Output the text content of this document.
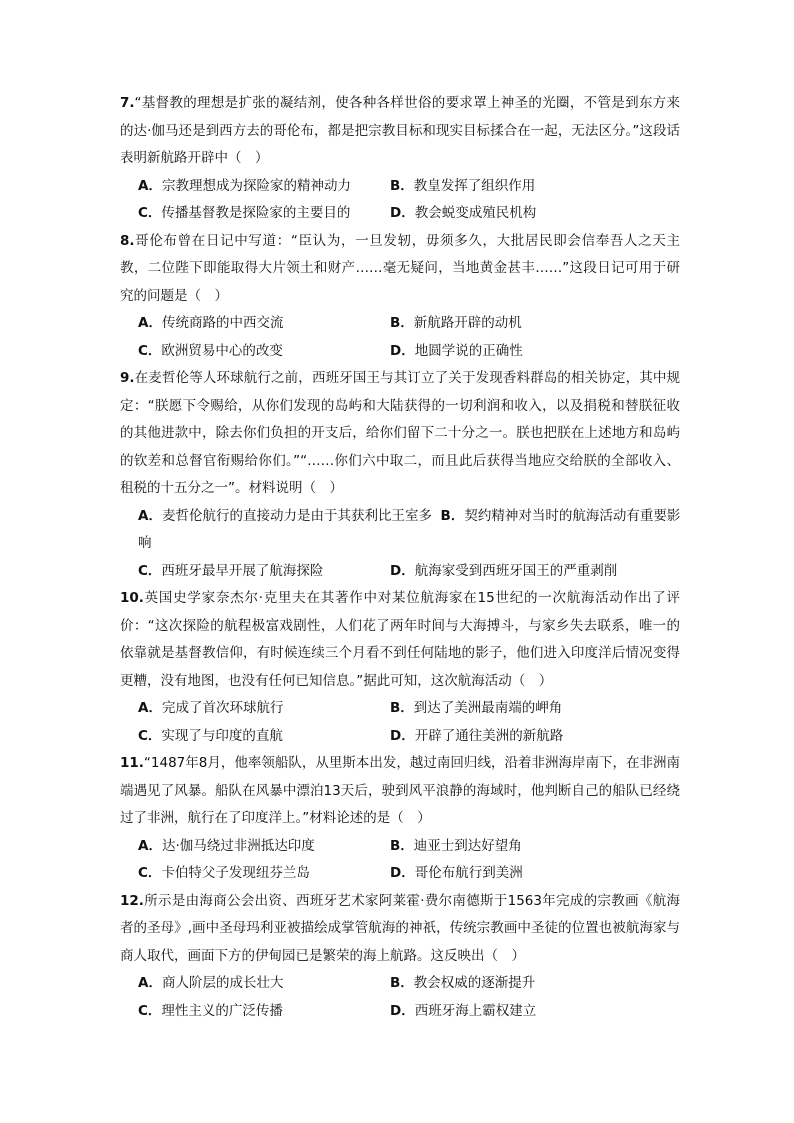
7.“基督教的理想是扩张的凝结剂，使各种各样世俗的要求罩上神圣的光圈，不管是到东方来的达·伽马还是到西方去的哥伦布，都是把宗教目标和现实目标揉合在一起，无法区分。”这段话表明新航路开辟中（　）

A．宗教理想成为探险家的精神动力	B．教皇发挥了组织作用
C．传播基督教是探险家的主要目的	D．教会蜕变成殖民机构

8.哥伦布曾在日记中写道：“臣认为，一旦发轫，毋须多久，大批居民即会信奉吾人之天主教，二位陛下即能取得大片领土和财产……毫无疑问，当地黄金甚丰……”这段日记可用于研究的问题是（　）

A．传统商路的中西交流	B．新航路开辟的动机
C．欧洲贸易中心的改变	D．地圆学说的正确性

9.在麦哲伦等人环球航行之前，西班牙国王与其订立了关于发现香料群岛的相关协定，其中规定：“朕愿下令赐给，从你们发现的岛屿和大陆获得的一切利润和收入，以及捐税和替朕征收的其他进款中，除去你们负担的开支后，给你们留下二十分之一。朕也把朕在上述地方和岛屿的钦差和总督官衔赐给你们。”“……你们六中取二，而且此后获得当地应交给朕的全部收入、租税的十五分之一”。材料说明（　）

A．麦哲伦航行的直接动力是由于其获利比王室多 B．契约精神对当时的航海活动有重要影响
C．西班牙最早开展了航海探险	D．航海家受到西班牙国王的严重剥削

10.英国史学家奈杰尔·克里夫在其著作中对某位航海家在15世纪的一次航海活动作出了评价：“这次探险的航程极富戏剧性，人们花了两年时间与大海搏斗，与家乡失去联系，唯一的依靠就是基督教信仰，有时候连续三个月看不到任何陆地的影子，他们进入印度洋后情况变得更糟，没有地图，也没有任何已知信息。”据此可知，这次航海活动（　）

A．完成了首次环球航行	B．到达了美洲最南端的岬角
C．实现了与印度的直航	D．开辟了通往美洲的新航路

11.“1487年8月，他率领船队，从里斯本出发，越过南回归线，沿着非洲海岸南下，在非洲南端遇见了风暴。船队在风暴中漂泊13天后，驶到风平浪静的海域时，他判断自己的船队已经绕过了非洲，航行在了印度洋上。”材料论述的是（　）

A．达·伽马绕过非洲抵达印度	B．迪亚士到达好望角
C．卡伯特父子发现纽芬兰岛	D．哥伦布航行到美洲

12.所示是由海商公会出资、西班牙艺术家阿莱霍·费尔南德斯于1563年完成的宗教画《航海者的圣母》,画中圣母玛利亚被描绘成掌管航海的神祇，传统宗教画中圣徒的位置也被航海家与商人取代，画面下方的伊甸园已是繁荣的海上航路。这反映出（　）

A．商人阶层的成长壮大	B．教会权威的逐渐提升
C．理性主义的广泛传播	D．西班牙海上霸权建立
